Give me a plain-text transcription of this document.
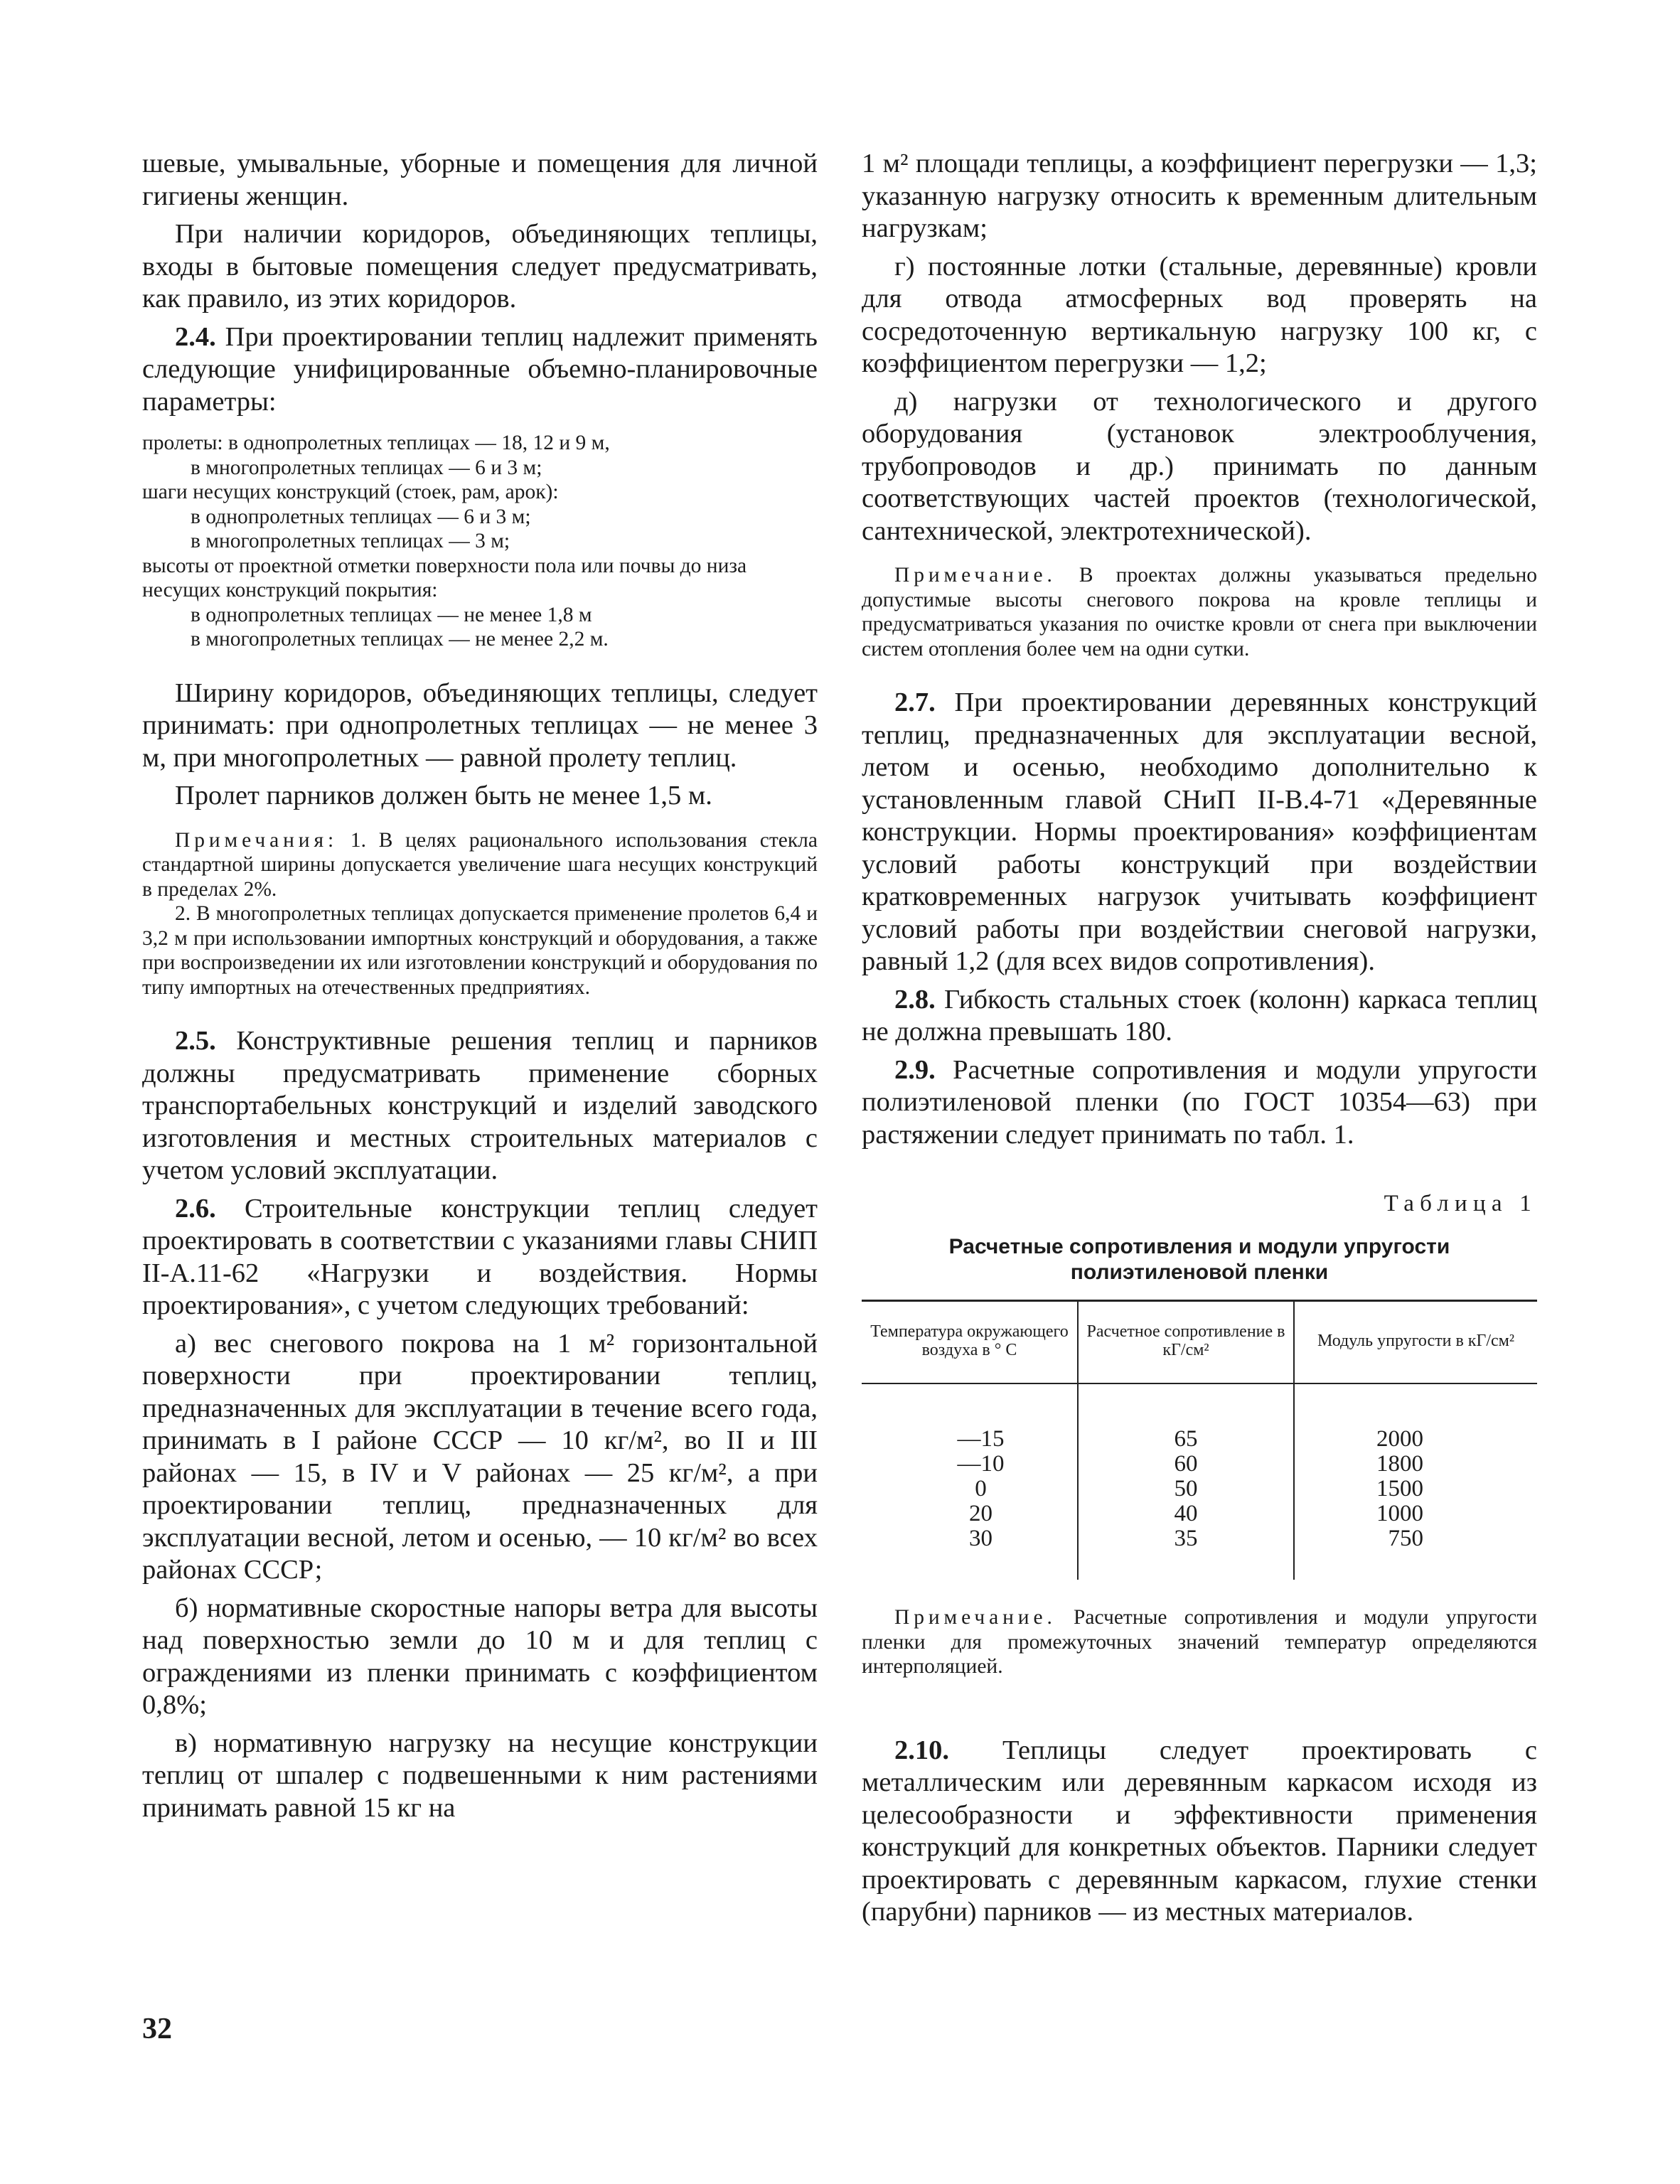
шевые, умывальные, уборные и помещения для личной гигиены женщин.

При наличии коридоров, объединяющих теплицы, входы в бытовые помещения следует предусматривать, как правило, из этих коридоров.

2.4. При проектировании теплиц надлежит применять следующие унифицированные объемно-планировочные параметры:

пролеты: в однопролетных теплицах — 18, 12 и 9 м,
в многопролетных теплицах — 6 и 3 м;
шаги несущих конструкций (стоек, рам, арок):
в однопролетных теплицах — 6 и 3 м;
в многопролетных теплицах — 3 м;
высоты от проектной отметки поверхности пола или почвы до низа несущих конструкций покрытия:
в однопролетных теплицах — не менее 1,8 м
в многопролетных теплицах — не менее 2,2 м.

Ширину коридоров, объединяющих теплицы, следует принимать: при однопролетных теплицах — не менее 3 м, при многопролетных — равной пролету теплиц.

Пролет парников должен быть не менее 1,5 м.

Примечания: 1. В целях рационального использования стекла стандартной ширины допускается увеличение шага несущих конструкций в пределах 2%.

2. В многопролетных теплицах допускается применение пролетов 6,4 и 3,2 м при использовании импортных конструкций и оборудования, а также при воспроизведении их или изготовлении конструкций и оборудования по типу импортных на отечественных предприятиях.

2.5. Конструктивные решения теплиц и парников должны предусматривать применение сборных транспортабельных конструкций и изделий заводского изготовления и местных строительных материалов с учетом условий эксплуатации.

2.6. Строительные конструкции теплиц следует проектировать в соответствии с указаниями главы СНИП II-А.11-62 «Нагрузки и воздействия. Нормы проектирования», с учетом следующих требований:

а) вес снегового покрова на 1 м² горизонтальной поверхности при проектировании теплиц, предназначенных для эксплуатации в течение всего года, принимать в I районе СССР — 10 кг/м², во II и III районах — 15, в IV и V районах — 25 кг/м², а при проектировании теплиц, предназначенных для эксплуатации весной, летом и осенью, — 10 кг/м² во всех районах СССР;

б) нормативные скоростные напоры ветра для высоты над поверхностью земли до 10 м и для теплиц с ограждениями из пленки принимать с коэффициентом 0,8%;

в) нормативную нагрузку на несущие конструкции теплиц от шпалер с подвешенными к ним растениями принимать равной 15 кг на

1 м² площади теплицы, а коэффициент перегрузки — 1,3; указанную нагрузку относить к временным длительным нагрузкам;

г) постоянные лотки (стальные, деревянные) кровли для отвода атмосферных вод проверять на сосредоточенную вертикальную нагрузку 100 кг, с коэффициентом перегрузки — 1,2;

д) нагрузки от технологического и другого оборудования (установок электрооблучения, трубопроводов и др.) принимать по данным соответствующих частей проектов (технологической, сантехнической, электротехнической).

Примечание. В проектах должны указываться предельно допустимые высоты снегового покрова на кровле теплицы и предусматриваться указания по очистке кровли от снега при выключении систем отопления более чем на одни сутки.

2.7. При проектировании деревянных конструкций теплиц, предназначенных для эксплуатации весной, летом и осенью, необходимо дополнительно к установленным главой СНиП II-В.4-71 «Деревянные конструкции. Нормы проектирования» коэффициентам условий работы конструкций при воздействии кратковременных нагрузок учитывать коэффициент условий работы при воздействии снеговой нагрузки, равный 1,2 (для всех видов сопротивления).

2.8. Гибкость стальных стоек (колонн) каркаса теплиц не должна превышать 180.

2.9. Расчетные сопротивления и модули упругости полиэтиленовой пленки (по ГОСТ 10354—63) при растяжении следует принимать по табл. 1.

Таблица 1
Расчетные сопротивления и модули упругости полиэтиленовой пленки
Температура окружающего воздуха в ° С	Расчетное сопротивление в кГ/см²	Модуль упругости в кГ/см²
—15	65	2000
—10	60	1800
0	50	1500
20	40	1000
30	35	750

Примечание. Расчетные сопротивления и модули упругости пленки для промежуточных значений температур определяются интерполяцией.

2.10. Теплицы следует проектировать с металлическим или деревянным каркасом исходя из целесообразности и эффективности применения конструкций для конкретных объектов. Парники следует проектировать с деревянным каркасом, глухие стенки (парубни) парников — из местных материалов.

32
